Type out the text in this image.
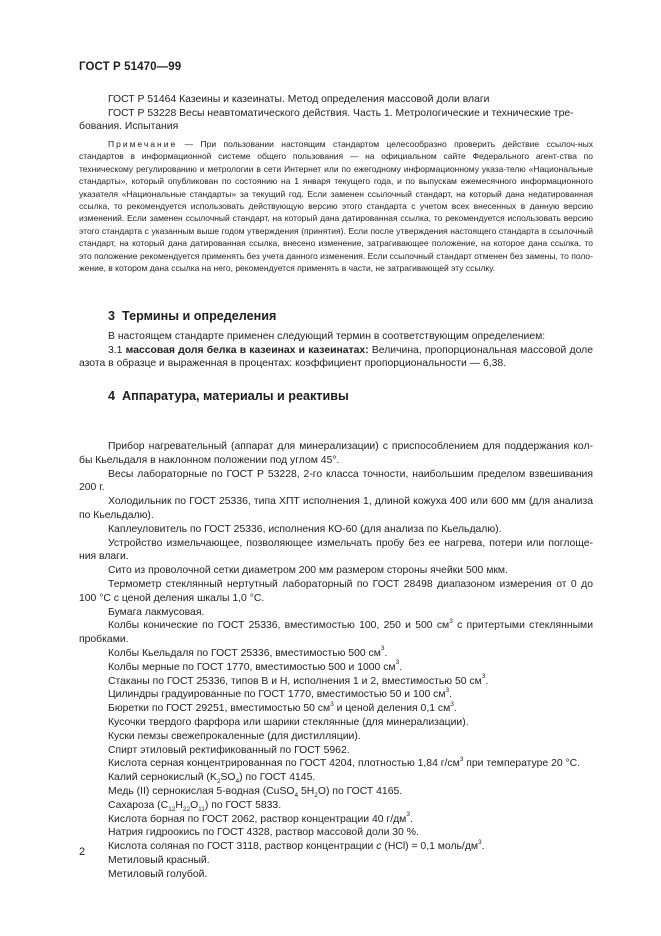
ГОСТ Р 51470—99

ГОСТ Р 51464 Казеины и казеинаты. Метод определения массовой доли влаги

ГОСТ Р 53228 Весы неавтоматического действия. Часть 1. Метрологические и технические тре-бования. Испытания

Примечание — При пользовании настоящим стандартом целесообразно проверить действие ссылоч-ных стандартов в информационной системе общего пользования — на официальном сайте Федерального агент-ства по техническому регулированию и метрологии в сети Интернет или по ежегодному информационному указа-телю «Национальные стандарты», который опубликован по состоянию на 1 января текущего года, и по выпускам ежемесячного информационного указателя «Национальные стандарты» за текущий год. Если заменен ссылочный стандарт, на который дана недатированная ссылка, то рекомендуется использовать действующую версию этого стандарта с учетом всех внесенных в данную версию изменений. Если заменен ссылочный стандарт, на который дана датированная ссылка, то рекомендуется использовать версию этого стандарта с указанным выше годом утверждения (принятия). Если после утверждения настоящего стандарта в ссылочный стандарт, на который дана датированная ссылка, внесено изменение, затрагивающее положение, на которое дана ссылка, то это положение рекомендуется применять без учета данного изменения. Если ссылочный стандарт отменен без замены, то поло-жение, в котором дана ссылка на него, рекомендуется применять в части, не затрагивающей эту ссылку.

3 Термины и определения

В настоящем стандарте применен следующий термин в соответствующим определением:

3.1 массовая доля белка в казеинах и казеинатах: Величина, пропорциональная массовой доле азота в образце и выраженная в процентах: коэффициент пропорциональности — 6,38.

4 Аппаратура, материалы и реактивы

Прибор нагревательный (аппарат для минерализации) с приспособлением для поддержания кол-бы Кьельдаля в наклонном положении под углом 45°.

Весы лабораторные по ГОСТ Р 53228, 2-го класса точности, наибольшим пределом взвешивания 200 г.

Холодильник по ГОСТ 25336, типа ХПТ исполнения 1, длиной кожуха 400 или 600 мм (для анализа по Кьельдалю).

Каплеуловитель по ГОСТ 25336, исполнения КО-60 (для анализа по Кьельдалю).

Устройство измельчающее, позволяющее измельчать пробу без ее нагрева, потери или поглоще-ния влаги.

Сито из проволочной сетки диаметром 200 мм размером стороны ячейки 500 мкм.

Термометр стеклянный нертутный лабораторный по ГОСТ 28498 диапазоном измерения от 0 до 100 °С с ценой деления шкалы 1,0 °С.

Бумага лакмусовая.

Колбы конические по ГОСТ 25336, вместимостью 100, 250 и 500 $см^3$ с притертыми стеклянными пробками.

Колбы Кьельдаля по ГОСТ 25336, вместимостью 500 $см^3$.

Колбы мерные по ГОСТ 1770, вместимостью 500 и 1000 $см^3$.

Стаканы по ГОСТ 25336, типов В и Н, исполнения 1 и 2, вместимостью 50 $см^3$.

Цилиндры градуированные по ГОСТ 1770, вместимостью 50 и 100 $см^3$.

Бюретки по ГОСТ 29251, вместимостью 50 $см^3$ и ценой деления 0,1 $см^3$.

Кусочки твердого фарфора или шарики стеклянные (для минерализации).

Куски пемзы свежепрокаленные (для дистилляции).

Спирт этиловый ректификованный по ГОСТ 5962.

Кислота серная концентрированная по ГОСТ 4204, плотностью 1,84 $г/см^3$ при температуре 20 °С.

Калий сернокислый $(K_2SO_4)$ по ГОСТ 4145.

Медь (II) сернокислая 5-водная (CuSO$_4$ $5H_2O$) по ГОСТ 4165.

Сахароза $(C_{12}H_{22}O_{11})$ по ГОСТ 5833.

Кислота борная по ГОСТ 2062, раствор концентрации 40 $г/дм^3$.

Натрия гидроокись по ГОСТ 4328, раствор массовой доли 30 %.

Кислота соляная по ГОСТ 3118, раствор концентрации c (HCl) = 0,1 моль/$дм^3$.

Метиловый красный.

Метиловый голубой.

2
